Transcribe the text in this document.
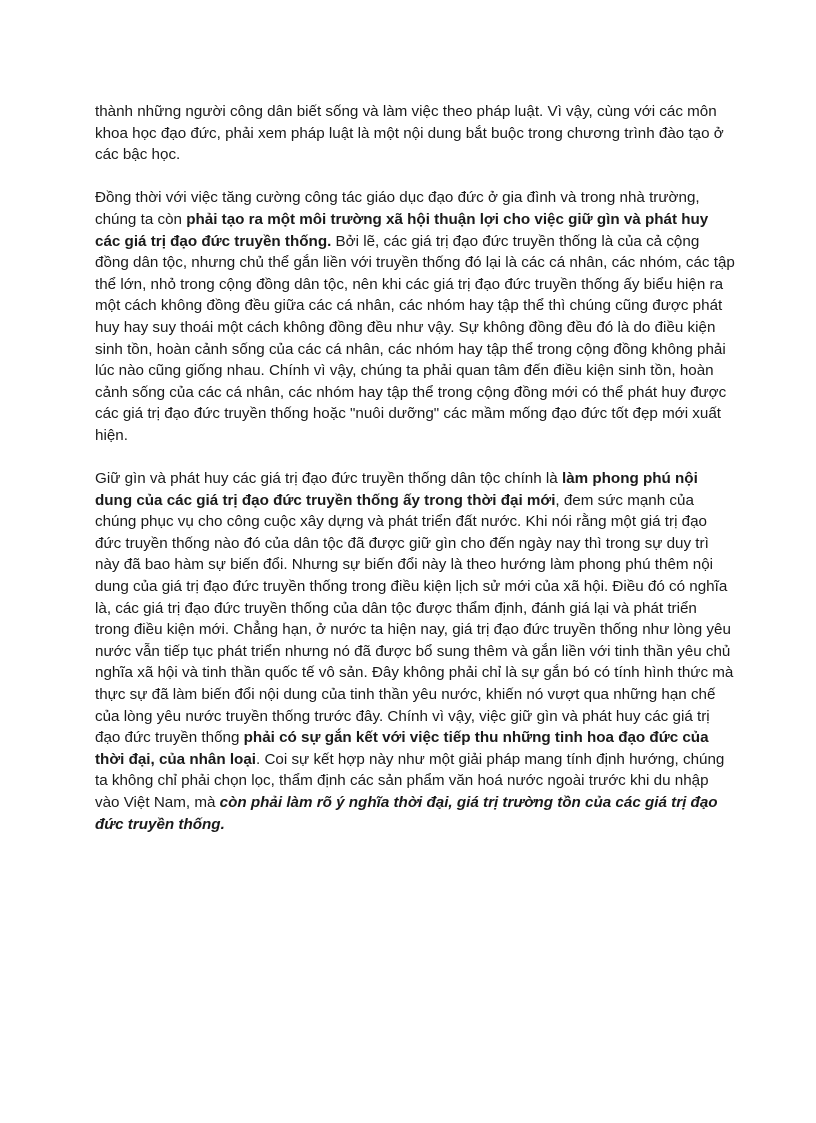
thành những người công dân biết sống và làm việc theo pháp luật. Vì vậy, cùng với các môn khoa học đạo đức, phải xem pháp luật là một nội dung bắt buộc trong chương trình đào tạo ở các bậc học.

Đồng thời với việc tăng cường công tác giáo dục đạo đức ở gia đình và trong nhà trường, chúng ta còn phải tạo ra một môi trường xã hội thuận lợi cho việc giữ gìn và phát huy các giá trị đạo đức truyền thống. Bởi lẽ, các giá trị đạo đức truyền thống là của cả cộng đồng dân tộc, nhưng chủ thể gắn liền với truyền thống đó lại là các cá nhân, các nhóm, các tập thể lớn, nhỏ trong cộng đồng dân tộc, nên khi các giá trị đạo đức truyền thống ấy biểu hiện ra một cách không đồng đều giữa các cá nhân, các nhóm hay tập thể thì chúng cũng được phát huy hay suy thoái một cách không đồng đều như vậy. Sự không đồng đều đó là do điều kiện sinh tồn, hoàn cảnh sống của các cá nhân, các nhóm hay tập thể trong cộng đồng không phải lúc nào cũng giống nhau. Chính vì vậy, chúng ta phải quan tâm đến điều kiện sinh tồn, hoàn cảnh sống của các cá nhân, các nhóm hay tập thể trong cộng đồng mới có thể phát huy được các giá trị đạo đức truyền thống hoặc "nuôi dưỡng" các mầm mống đạo đức tốt đẹp mới xuất hiện.

Giữ gìn và phát huy các giá trị đạo đức truyền thống dân tộc chính là làm phong phú nội dung của các giá trị đạo đức truyền thống ấy trong thời đại mới, đem sức mạnh của chúng phục vụ cho công cuộc xây dựng và phát triển đất nước. Khi nói rằng một giá trị đạo đức truyền thống nào đó của dân tộc đã được giữ gìn cho đến ngày nay thì trong sự duy trì này đã bao hàm sự biến đổi. Nhưng sự biến đổi này là theo hướng làm phong phú thêm nội dung của giá trị đạo đức truyền thống trong điều kiện lịch sử mới của xã hội. Điều đó có nghĩa là, các giá trị đạo đức truyền thống của dân tộc được thẩm định, đánh giá lại và phát triển trong điều kiện mới. Chẳng hạn, ở nước ta hiện nay, giá trị đạo đức truyền thống như lòng yêu nước vẫn tiếp tục phát triển nhưng nó đã được bổ sung thêm và gắn liền với tinh thần yêu chủ nghĩa xã hội và tinh thần quốc tế vô sản. Đây không phải chỉ là sự gắn bó có tính hình thức mà thực sự đã làm biến đổi nội dung của tinh thần yêu nước, khiến nó vượt qua những hạn chế của lòng yêu nước truyền thống trước đây. Chính vì vậy, việc giữ gìn và phát huy các giá trị đạo đức truyền thống phải có sự gắn kết với việc tiếp thu những tinh hoa đạo đức của thời đại, của nhân loại. Coi sự kết hợp này như một giải pháp mang tính định hướng, chúng ta không chỉ phải chọn lọc, thẩm định các sản phẩm văn hoá nước ngoài trước khi du nhập vào Việt Nam, mà còn phải làm rõ ý nghĩa thời đại, giá trị trường tồn của các giá trị đạo đức truyền thống.
